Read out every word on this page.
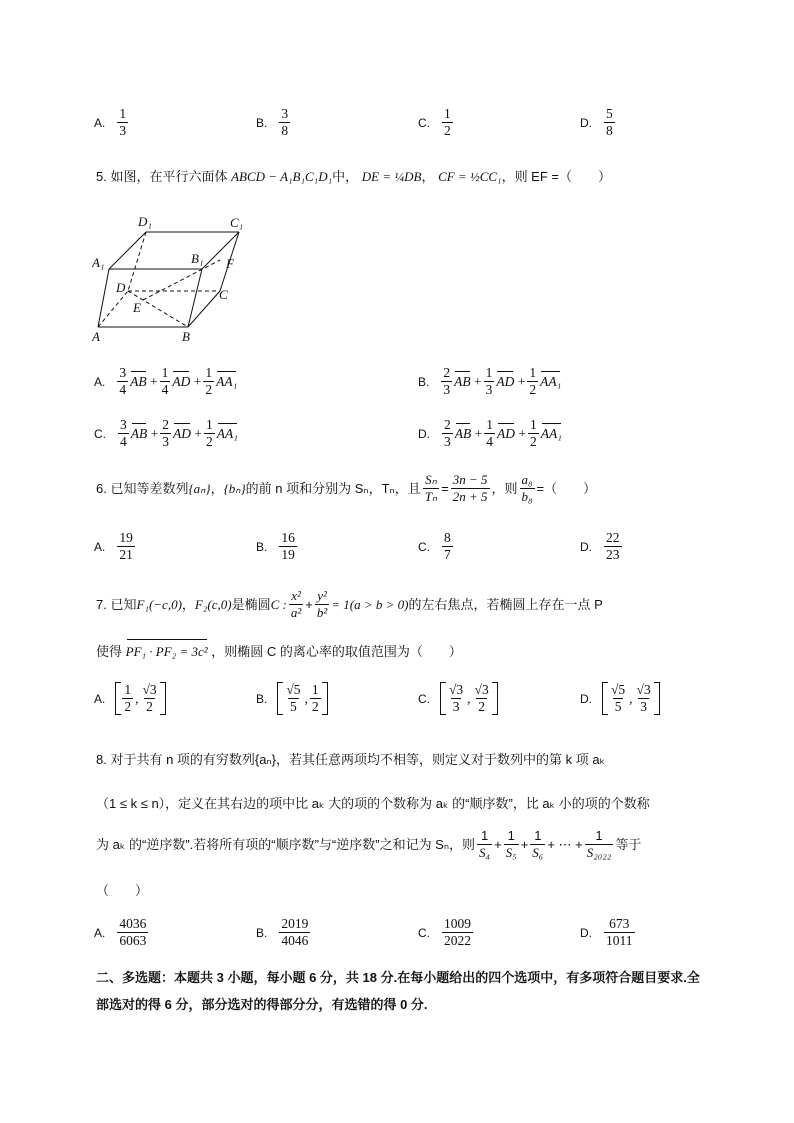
A. $\frac{1}{3}$	B. $\frac{3}{8}$	C. $\frac{1}{2}$	D. $\frac{5}{8}$
5. 如图，在平行六面体 ABCD − A₁B₁C₁D₁中， DE = ¼DB， CF = ½CC₁，则 EF =（　　）
D₁	C₁
A₁	B₁ F
D	C
E
A	B
A. $\frac{3}{4}$ AB + $\frac{1}{4}$ AD + $\frac{1}{2} AA_1$	B. $\frac{2}{3}$ AB + $\frac{1}{3}$ AD + $\frac{1}{2} AA_1$
C. $\frac{3}{4}$ AB + $\frac{2}{3}$ AD + $\frac{1}{2} AA_1$	D. $\frac{2}{3}$ AB + $\frac{1}{4}$ AD + $\frac{1}{2} AA_1$
6.
已知等差数列 {aₙ} ， {bₙ} 的前 n 项和分别为 Sₙ，Tₙ，且 $\frac{\text{Sₙ}}{\text{Tₙ}} = \frac{3n - 5}{2n + 5}$ ，则 $\frac{\text{a₈}}{\text{b₈}}$ =（　　）
A. $\frac{19}{21}$	B. $\frac{16}{19}$	C. $\frac{8}{7}$	D. $\frac{22}{23}$
7.
已知 F₁(−c,0) ， F₂(c,0) 是椭圆 C : $\frac{\text{x²}}{\text{a²}} + \frac{\text{y²}}{\text{b²}} = 1(a > b > 0)$ 的左右焦点，若椭圆上存在一点 P
使得 PF₁ · PF₂ = 3c² ，则椭圆 C 的离心率的取值范围为（　　）
A. $\frac{1}{2}$ , $\frac{√3}{2}$	B. $\frac{√5}{5}$ , $\frac{1}{2}$	C. $\frac{√3}{3}$ , $\frac{√3}{2}$	D. $\frac{√5}{5}$ , $\frac{√3}{3}$
8. 对于共有 n 项的有穷数列{aₙ}，若其任意两项均不相等，则定义对于数列中的第 k 项 aₖ
（1 ≤ k ≤ n），定义在其右边的项中比 aₖ 大的项的个数称为 aₖ 的“顺序数”，比 aₖ 小的项的个数称
为 aₖ 的“逆序数”.若将所有项的“顺序数”与“逆序数”之和记为 Sₙ，则 $\frac{1}{\text{S₄}} + \frac{1}{\text{S₅}} + \frac{1}{\text{S₆}}$ + ⋯ + $\frac{1}{\text{S₂₀₂₂}}$ 等于
（　　）
A. $\frac{4036}{6063}$	B. $\frac{2019}{4046}$	C. $\frac{1009}{2022}$	D. $\frac{673}{1011}$
二、多选题：本题共 3 小题，每小题 6 分，共 18 分.在每小题给出的四个选项中，有多项符合题目要求.全部选对的得 6 分，部分选对的得部分分，有选错的得 0 分.
